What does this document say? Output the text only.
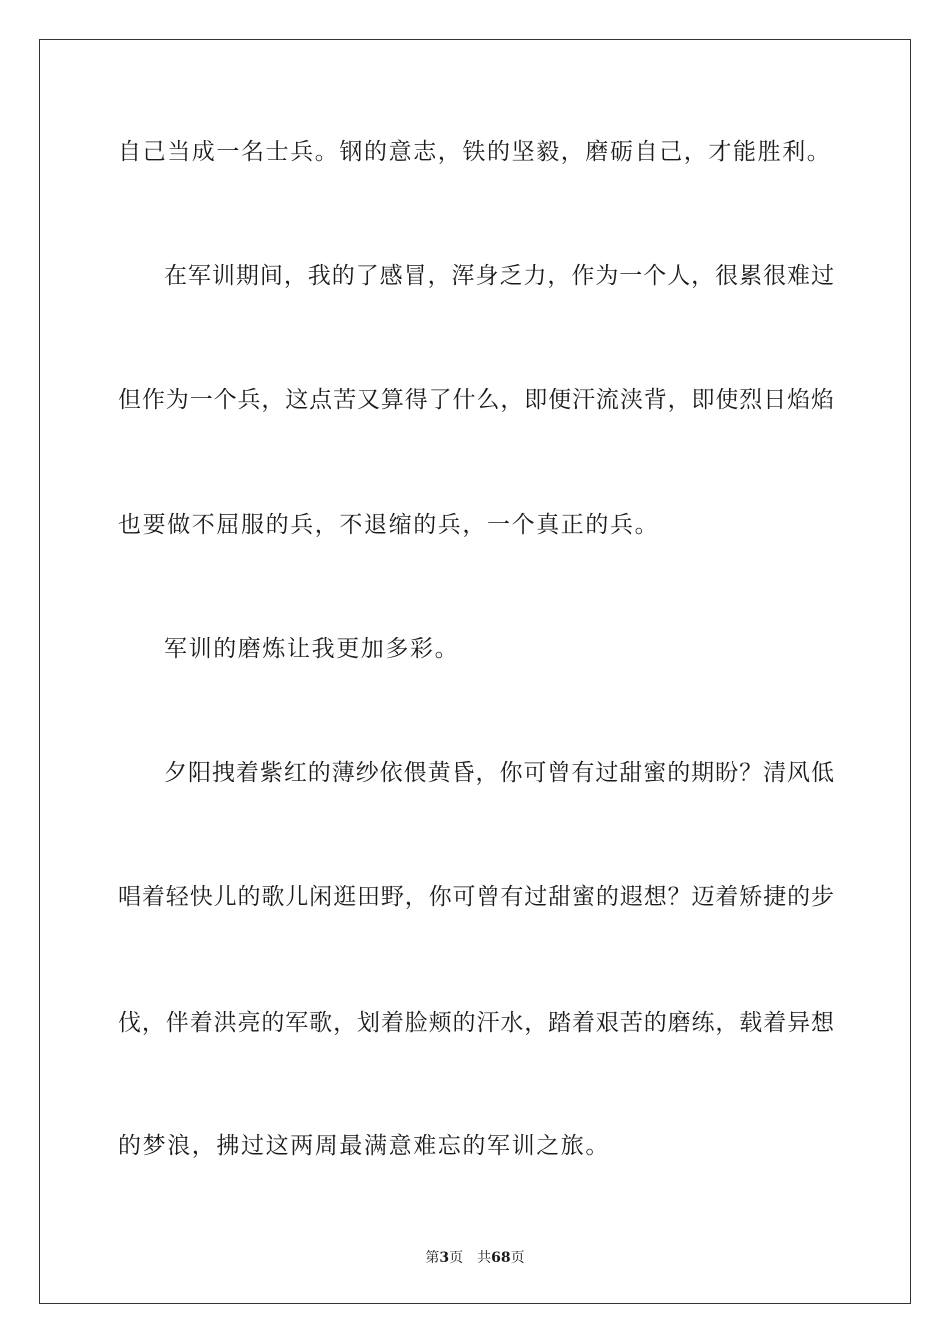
自己当成一名士兵。钢的意志，铁的坚毅，磨砺自己，才能胜利。
在军训期间，我的了感冒，浑身乏力，作为一个人，很累很难过
但作为一个兵，这点苦又算得了什么，即便汗流浃背，即使烈日焰焰
也要做不屈服的兵，不退缩的兵，一个真正的兵。
军训的磨炼让我更加多彩。
夕阳拽着紫红的薄纱依偎黄昏，你可曾有过甜蜜的期盼？清风低
唱着轻快儿的歌儿闲逛田野，你可曾有过甜蜜的遐想？迈着矫捷的步
伐，伴着洪亮的军歌，划着脸颊的汗水，踏着艰苦的磨练，载着异想
的梦浪，拂过这两周最满意难忘的军训之旅。
第3页 共68页
